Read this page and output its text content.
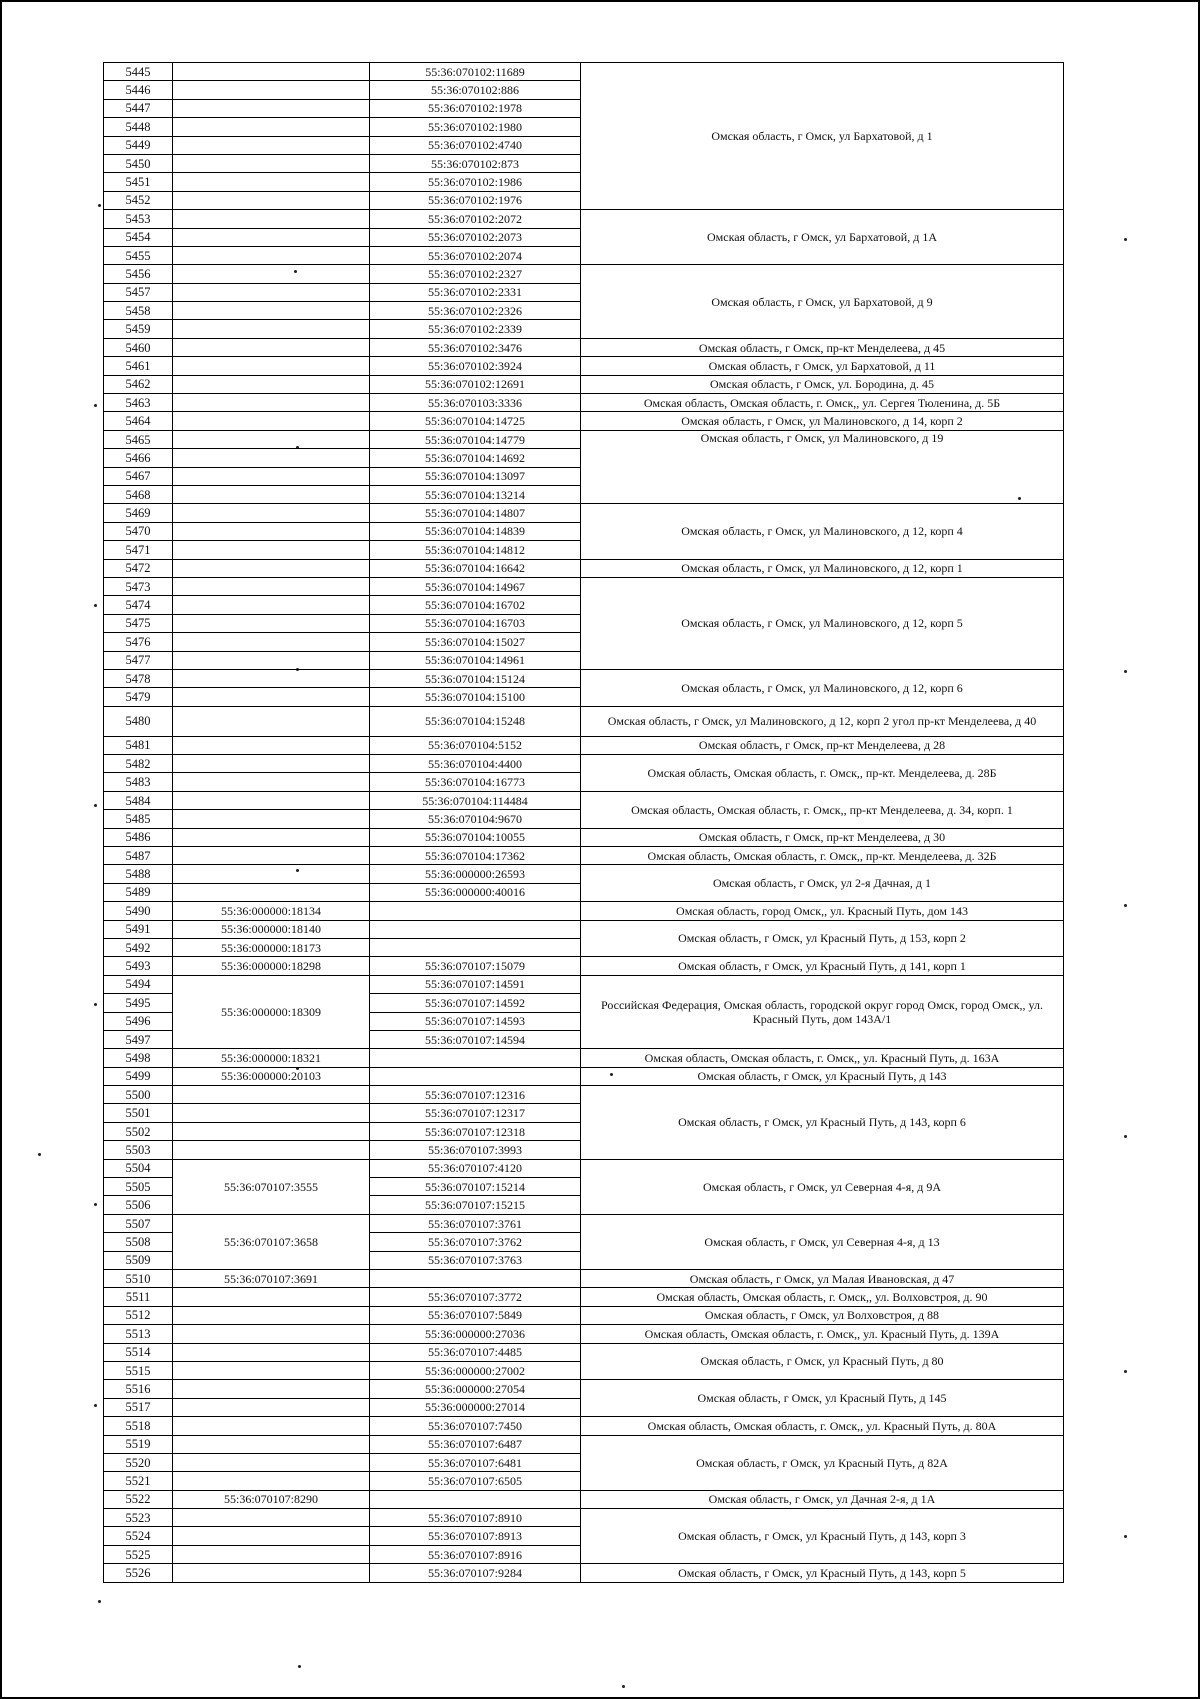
5445		55:36:070102:11689	Омская область, г Омск, ул Бархатовой, д 1
5446		55:36:070102:886	
5447		55:36:070102:1978	
5448		55:36:070102:1980	
5449		55:36:070102:4740	
5450		55:36:070102:873	
5451		55:36:070102:1986	
5452		55:36:070102:1976	
5453		55:36:070102:2072	Омская область, г Омск, ул Бархатовой, д 1А
5454		55:36:070102:2073	
5455		55:36:070102:2074	
5456		55:36:070102:2327	Омская область, г Омск, ул Бархатовой, д 9
5457		55:36:070102:2331	
5458		55:36:070102:2326	
5459		55:36:070102:2339	
5460		55:36:070102:3476	Омская область, г Омск, пр-кт Менделеева, д 45
5461		55:36:070102:3924	Омская область, г Омск, ул Бархатовой, д 11
5462		55:36:070102:12691	Омская область, г Омск, ул. Бородина, д. 45
5463		55:36:070103:3336	Омская область, Омская область, г. Омск,, ул. Сергея Тюленина, д. 5Б
5464		55:36:070104:14725	Омская область, г Омск, ул Малиновского, д 14, корп 2
5465		55:36:070104:14779	Омская область, г Омск, ул Малиновского, д 19
5466		55:36:070104:14692	
5467		55:36:070104:13097	
5468		55:36:070104:13214	
5469		55:36:070104:14807	Омская область, г Омск, ул Малиновского, д 12, корп 4
5470		55:36:070104:14839	
5471		55:36:070104:14812	
5472		55:36:070104:16642	Омская область, г Омск, ул Малиновского, д 12, корп 1
5473		55:36:070104:14967	Омская область, г Омск, ул Малиновского, д 12, корп 5
5474		55:36:070104:16702	
5475		55:36:070104:16703	
5476		55:36:070104:15027	
5477		55:36:070104:14961	
5478		55:36:070104:15124	Омская область, г Омск, ул Малиновского, д 12, корп 6
5479		55:36:070104:15100	
5480		55:36:070104:15248	Омская область, г Омск, ул Малиновского, д 12, корп 2 угол пр-кт Менделеева, д 40
5481		55:36:070104:5152	Омская область, г Омск, пр-кт Менделеева, д 28
5482		55:36:070104:4400	Омская область, Омская область, г. Омск,, пр-кт. Менделеева, д. 28Б
5483		55:36:070104:16773	
5484		55:36:070104:114484	Омская область, Омская область, г. Омск,, пр-кт Менделеева, д. 34, корп. 1
5485		55:36:070104:9670	
5486		55:36:070104:10055	Омская область, г Омск, пр-кт Менделеева, д 30
5487		55:36:070104:17362	Омская область, Омская область, г. Омск,, пр-кт. Менделеева, д. 32Б
5488		55:36:000000:26593	Омская область, г Омск, ул 2-я Дачная, д 1
5489		55:36:000000:40016	
5490	55:36:000000:18134		Омская область, город Омск,, ул. Красный Путь, дом 143
5491	55:36:000000:18140		Омская область, г Омск, ул Красный Путь, д 153, корп 2
5492	55:36:000000:18173		
5493	55:36:000000:18298	55:36:070107:15079	Омская область, г Омск, ул Красный Путь, д 141, корп 1
5494	55:36:000000:18309	55:36:070107:14591	Российская Федерация, Омская область, городской округ город Омск, город Омск,, ул. Красный Путь, дом 143А/1
5495		55:36:070107:14592	
5496		55:36:070107:14593	
5497		55:36:070107:14594	
5498	55:36:000000:18321		Омская область, Омская область, г. Омск,, ул. Красный Путь, д. 163А
5499	55:36:000000:20103		Омская область, г Омск, ул Красный Путь, д 143
5500		55:36:070107:12316	Омская область, г Омск, ул Красный Путь, д 143, корп 6
5501		55:36:070107:12317	
5502		55:36:070107:12318	
5503		55:36:070107:3993	
5504	55:36:070107:3555	55:36:070107:4120	Омская область, г Омск, ул Северная 4-я, д 9А
5505		55:36:070107:15214	
5506		55:36:070107:15215	
5507	55:36:070107:3658	55:36:070107:3761	Омская область, г Омск, ул Северная 4-я, д 13
5508		55:36:070107:3762	
5509		55:36:070107:3763	
5510	55:36:070107:3691		Омская область, г Омск, ул Малая Ивановская, д 47
5511		55:36:070107:3772	Омская область, Омская область, г. Омск,, ул. Волховстроя, д. 90
5512		55:36:070107:5849	Омская область, г Омск, ул Волховстроя, д 88
5513		55:36:000000:27036	Омская область, Омская область, г. Омск,, ул. Красный Путь, д. 139А
5514		55:36:070107:4485	Омская область, г Омск, ул Красный Путь, д 80
5515		55:36:000000:27002	
5516		55:36:000000:27054	Омская область, г Омск, ул Красный Путь, д 145
5517		55:36:000000:27014	
5518		55:36:070107:7450	Омская область, Омская область, г. Омск,, ул. Красный Путь, д. 80А
5519		55:36:070107:6487	Омская область, г Омск, ул Красный Путь, д 82А
5520		55:36:070107:6481	
5521		55:36:070107:6505	
5522	55:36:070107:8290		Омская область, г Омск, ул Дачная 2-я, д 1А
5523		55:36:070107:8910	Омская область, г Омск, ул Красный Путь, д 143, корп 3
5524		55:36:070107:8913	
5525		55:36:070107:8916	
5526		55:36:070107:9284	Омская область, г Омск, ул Красный Путь, д 143, корп 5
